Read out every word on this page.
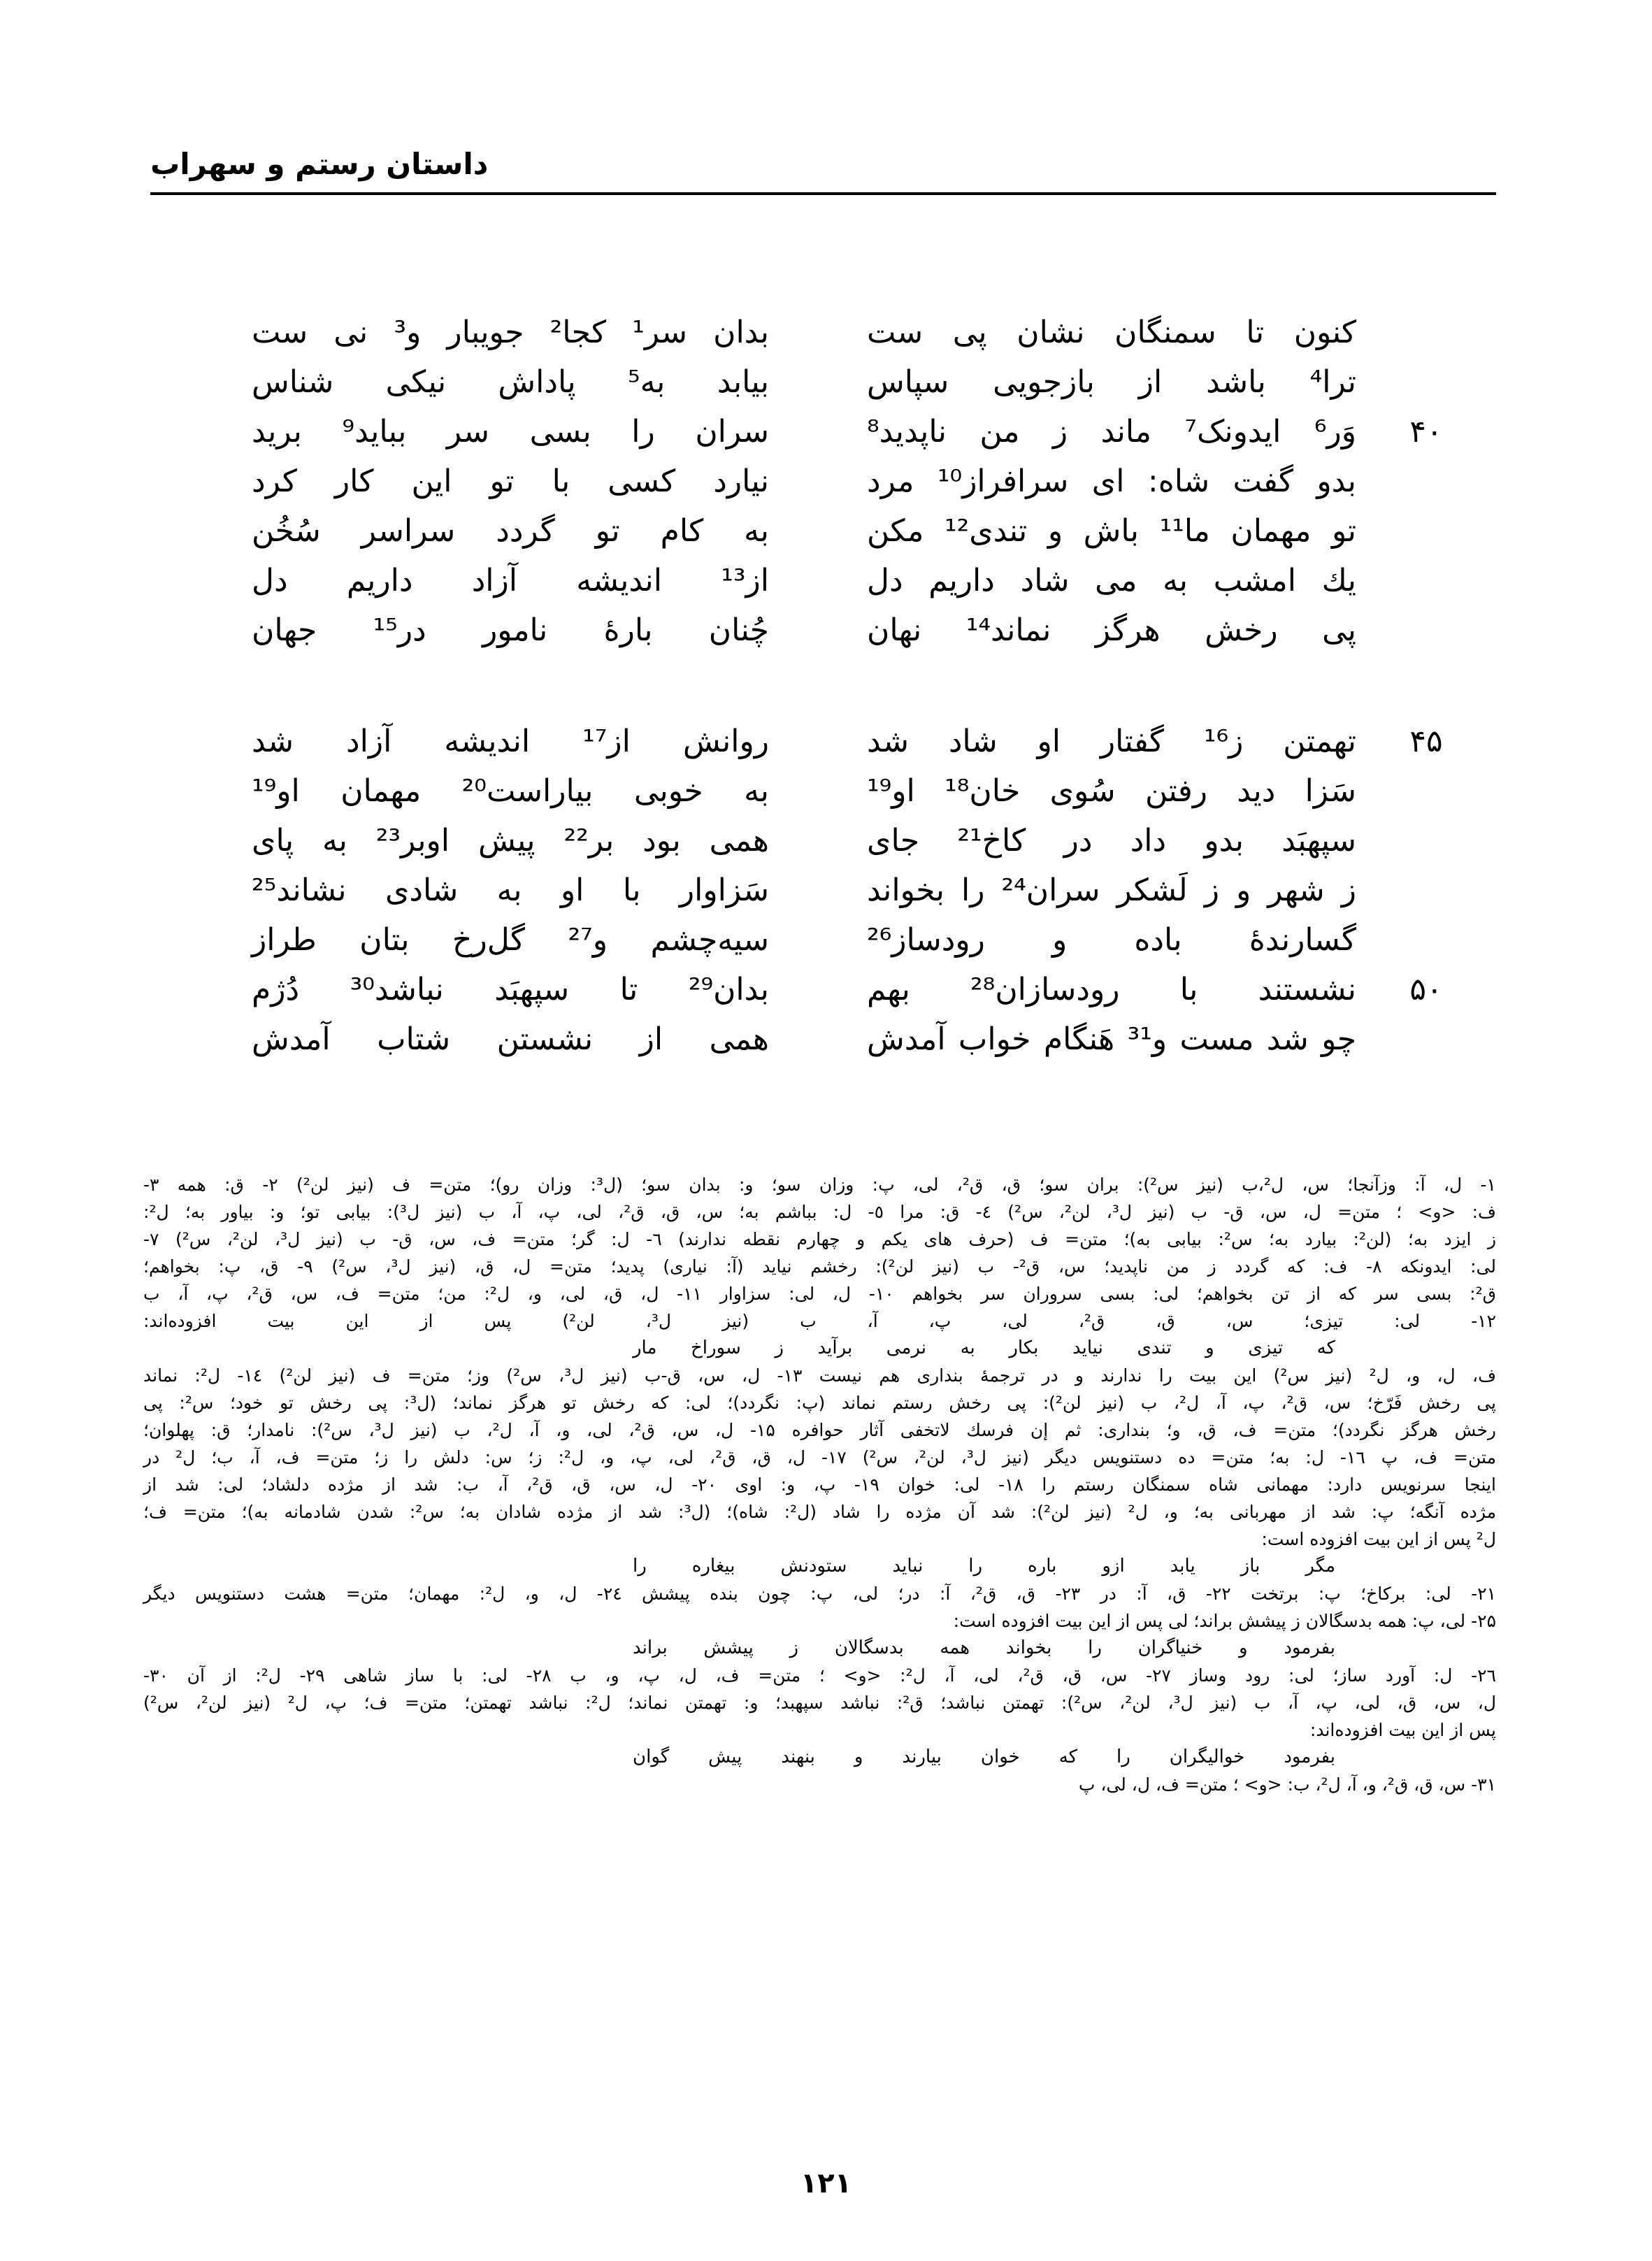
داستان رستم و سهراب
کنون تا سمنگان نشان پی ست
بدان سر¹ کجا² جویبار و³ نی ست
ترا⁴ باشد از بازجویی سپاس
بیابد به⁵ پاداش نیکی شناس
۴۰
وَر⁶ ایدونک⁷ ماند ز من ناپدید⁸
سران را بسی سر بباید⁹ برید
بدو گفت شاه: ای سرافراز¹⁰ مرد
نیارد کسی با تو این کار کرد
تو مهمان ما¹¹ باش و تندی¹² مکن
به کام تو گردد سراسر سُخُن
یك امشب به می شاد داریم دل
از¹³ اندیشه آزاد داریم دل
پی رخش هرگز نماند¹⁴ نهان
چُنان بارهٔ نامور در¹⁵ جهان
۴۵
تهمتن ز¹⁶ گفتار او شاد شد
روانش از¹⁷ اندیشه آزاد شد
سَزا دید رفتن سُوی خان¹⁸ او¹⁹
به خوبی بیاراست²⁰ مهمان او¹⁹
سپهبَد بدو داد در کاخ²¹ جای
همی بود بر²² پیش اوبر²³ به پای
ز شهر و ز لَشکر سران²⁴ را بخواند
سَزاوار با او به شادی نشاند²⁵
گسارندهٔ باده و رودساز²⁶
سیه‌چشم و²⁷ گل‌رخ بتان طراز
۵۰
نشستند با رودسازان²⁸ بهم
بدان²⁹ تا سپهبَد نباشد³⁰ دُژم
چو شد مست و³¹ هَنگام خواب آمدش
همی از نشستن شتاب آمدش
۱- ل، آ: وزآنجا؛ س، ل²،ب (نیز س²): بران سو؛ ق، ق²، لی، پ: وزان سو؛ و: بدان سو؛ (ل³: وزان رو)؛ متن= ف (نیز لن²) ۲- ق: همه ۳-
ف: <و> ؛ متن= ل، س، ق- ب (نیز ل³، لن²، س²) ٤- ق: مرا ٥- ل: بباشم به؛ س، ق، ق²، لی، پ، آ، ب (نیز ل³): بیابی تو؛ و: بیاور به؛ ل²:
ز ایزد به؛ (لن²: بیارد به؛ س²: بیابی به)؛ متن= ف (حرف های یکم و چهارم نقطه ندارند) ٦- ل: گر؛ متن= ف، س، ق- ب (نیز ل³، لن²، س²) ۷-
لی: ایدونکه ۸- ف: که گردد ز من ناپدید؛ س، ق²- ب (نیز لن²): رخشم نیاید (آ: نیاری) پدید؛ متن= ل، ق، (نیز ل³، س²) ۹- ق، پ: بخواهم؛
ق²: بسی سر که از تن بخواهم؛ لی: بسی سروران سر بخواهم ۱۰- ل، لی: سزاوار ۱۱- ل، ق، لی، و، ل²: من؛ متن= ف، س، ق²، پ، آ، ب
۱۲- لی: تیزی؛ س، ق، ق²، لی، پ، آ، ب (نیز ل³، لن²) پس از این بیت افزوده‌اند:
که تیزی و تندی نیاید بکار به نرمی برآید ز سوراخ مار
ف، ل، و، ل² (نیز س²) این بیت را ندارند و در ترجمهٔ بنداری هم نیست ۱۳- ل، س، ق-ب (نیز ل³، س²) وز؛ متن= ف (نیز لن²) ١٤- ل²: نماند
پی رخش فَرّخ؛ س، ق²، پ، آ، ل²، ب (نیز لن²): پی رخش رستم نماند (پ: نگردد)؛ لی: که رخش تو هرگز نماند؛ (ل³: پی رخش تو خود؛ س²: پی
رخش هرگز نگردد)؛ متن= ف، ق، و؛ بنداری: ثم إن فرسك لاتخفی آثار حوافره ۱۵- ل، س، ق²، لی، و، آ، ل²، ب (نیز ل³، س²): نامدار؛ ق: پهلوان؛
متن= ف، پ ۱٦- ل: به؛ متن= ده دستنویس دیگر (نیز ل³، لن²، س²) ۱۷- ل، ق، ق²، لی، پ، و، ل²: ز؛ س: دلش را ز؛ متن= ف، آ، ب؛ ل² در
اینجا سرنویس دارد: مهمانی شاه سمنگان رستم را ۱۸- لی: خوان ۱۹- پ، و: اوی ۲۰- ل، س، ق، ق²، آ، ب: شد از مژده دلشاد؛ لی: شد از
مژده آنگه؛ پ: شد از مهربانی به؛ و، ل² (نیز لن²): شد آن مژده را شاد (ل²: شاه)؛ (ل³: شد از مژده شادان به؛ س²: شدن شادمانه به)؛ متن= ف؛
ل² پس از این بیت افزوده است:
مگر باز یابد ازو باره را نباید ستودنش بیغاره را
۲۱- لی: برکاخ؛ پ: برتخت ۲۲- ق، آ: در ۲۳- ق، ق²، آ: در؛ لی، پ: چون بنده پیشش ۲٤- ل، و، ل²: مهمان؛ متن= هشت دستنویس دیگر
۲۵- لی، پ: همه بدسگالان ز پیشش براند؛ لی پس از این بیت افزوده است:
بفرمود و خنیاگران را بخواند همه بدسگالان ز پیشش براند
۲٦- ل: آورد ساز؛ لی: رود وساز ۲۷- س، ق، ق²، لی، آ، ل²: <و> ؛ متن= ف، ل، پ، و، ب ۲۸- لی: با ساز شاهی ۲۹- ل²: از آن ۳۰-
ل، س، ق، لی، پ، آ، ب (نیز ل³، لن²، س²): تهمتن نباشد؛ ق²: نباشد سپهبد؛ و: تهمتن نماند؛ ل²: نباشد تهمتن؛ متن= ف؛ پ، ل² (نیز لن²، س²)
پس از این بیت افزوده‌اند:
بفرمود خوالیگران را که خوان بیارند و بنهند پیش گوان
۳۱- س، ق، ق²، و، آ، ل²، ب: <و> ؛ متن= ف، ل، لی، پ
۱۲۱
